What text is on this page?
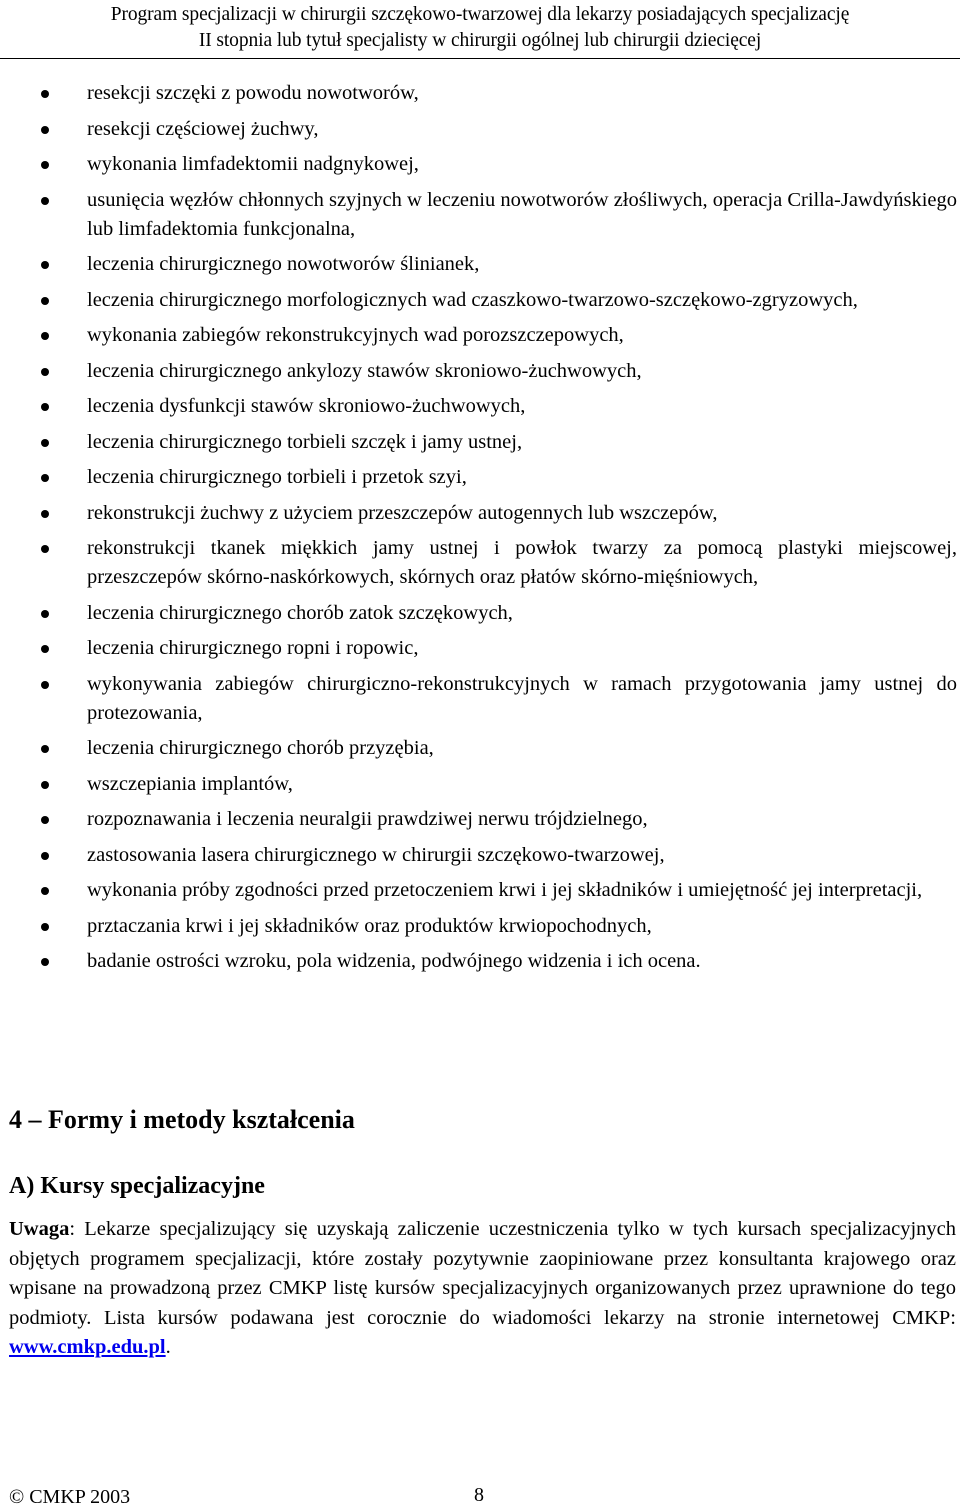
Program specjalizacji w chirurgii szczękowo-twarzowej dla lekarzy posiadających specjalizację
II stopnia lub tytuł specjalisty w chirurgii ogólnej lub chirurgii dziecięcej
resekcji szczęki z powodu nowotworów,
resekcji częściowej żuchwy,
wykonania limfadektomii nadgnykowej,
usunięcia węzłów chłonnych szyjnych w leczeniu nowotworów złośliwych, operacja Crilla-Jawdyńskiego lub limfadektomia funkcjonalna,
leczenia chirurgicznego nowotworów ślinianek,
leczenia chirurgicznego morfologicznych wad czaszkowo-twarzowo-szczękowo-zgryzowych,
wykonania zabiegów rekonstrukcyjnych wad porozszczepowych,
leczenia chirurgicznego ankylozy stawów skroniowo-żuchwowych,
leczenia dysfunkcji stawów skroniowo-żuchwowych,
leczenia chirurgicznego torbieli szczęk i jamy ustnej,
leczenia chirurgicznego torbieli i przetok szyi,
rekonstrukcji żuchwy z użyciem przeszczepów autogennych lub wszczepów,
rekonstrukcji tkanek miękkich jamy ustnej i powłok twarzy za pomocą plastyki miejscowej, przeszczepów skórno-naskórkowych, skórnych oraz płatów skórno-mięśniowych,
leczenia chirurgicznego chorób zatok szczękowych,
leczenia chirurgicznego ropni i ropowic,
wykonywania zabiegów chirurgiczno-rekonstrukcyjnych w ramach przygotowania jamy ustnej do protezowania,
leczenia chirurgicznego chorób przyzębia,
wszczepiania implantów,
rozpoznawania i leczenia neuralgii prawdziwej nerwu trójdzielnego,
zastosowania lasera chirurgicznego w chirurgii szczękowo-twarzowej,
wykonania próby zgodności przed przetoczeniem krwi i jej składników i umiejętność jej interpretacji,
prztaczania krwi i jej składników oraz produktów krwiopochodnych,
badanie ostrości wzroku, pola widzenia, podwójnego widzenia i ich ocena.
4 – Formy i metody kształcenia
A) Kursy specjalizacyjne

Uwaga: Lekarze specjalizujący się uzyskają zaliczenie uczestniczenia tylko w tych kursach specjalizacyjnych objętych programem specjalizacji, które zostały pozytywnie zaopiniowane przez konsultanta krajowego oraz wpisane na prowadzoną przez CMKP listę kursów specjalizacyjnych organizowanych przez uprawnione do tego podmioty. Lista kursów podawana jest corocznie do wiadomości lekarzy na stronie internetowej CMKP: www.cmkp.edu.pl.

© CMKP 2003	8
